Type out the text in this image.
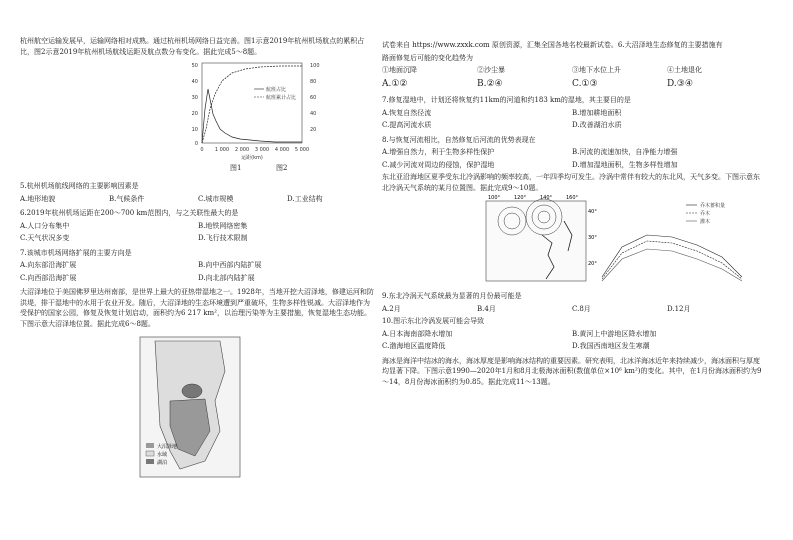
杭州航空运输发展早，运输网络相对成熟。通过杭州机场网络日益完善。图1示意2019年杭州机场航点的累积占比，图2示意2019年杭州机场航线运距及航点数分布变化。据此完成5～8题。

50
40
30
20
10
0
0 1 000 2 000 3 000 4 000 5 000
100
80
60
40
20
运距(km)
航班占比
航班累计占比
图1	图2

5.杭州机场航线网络的主要影响因素是

A.地形地貌	B.气候条件	C.城市规模	D.工业结构

6.2019年杭州机场运距在200～700 km范围内，与之关联性最大的是

A.人口分布集中	B.地铁网络密集
C.天气状况多变	D.飞行技术限制

7.该城市机场网络扩展的主要方向是

A.向东部沿海扩展	B.向中西部内陆扩展
C.向西部沿海扩展	D.向北部内陆扩展

大沼泽地位于美国佛罗里达州南部，是世界上最大的亚热带湿地之一。1928年，当地开挖大沼泽地，修建运河和防洪堤，排干湿地中的水用于农业开发。随后，大沼泽地的生态环境遭到严重破坏，生物多样性锐减。大沼泽地作为受保护的国家公园，修复及恢复计划启动，面积约为6 217 km²，以治理污染等为主要措施，恢复湿地生态功能。下图示意大沼泽地位置。据此完成6～8题。

大沼泽地
水域
湖泊

试卷来自 https://www.zxxk.com 原创资源，汇集全国各地名校最新试卷。6.大沼泽地生态修复的主要措施有

路面修复后可能的变化趋势为

①地面沉降	②沙尘暴	③地下水位上升	④土地退化
A.①②	B.②④	C.①③	D.③④

7.修复湿地中，计划还将恢复约11km的河道和约183 km的湿地，其主要目的是

A.恢复自然径流	B.增加耕地面积
C.提高河流水质	D.改善湖泊水质

8.与恢复河流相比，自然修复后河流的优势表现在

A.增强自然力，利于生物多样性保护	B.河流的流速加快，自净能力增强
C.减少河流对周边的侵蚀，保护湿地	D.增加湿地面积，生物多样性增加

东北亚沿海地区夏季受东北冷涡影响的频率较高，一年四季均可发生。冷涡中常伴有较大的东北风，天气多变。下图示意东北冷涡天气系统的某月位置图。据此完成9～10题。

100°	120°	140°	160°
40°
30°
20°
乔木蓄积量
乔木
灌木

9.东北冷涡天气系统最为显著的月份最可能是

A.2月	B.4月	C.8月	D.12月

10.图示东北冷涡发展可能会导致

A.日本海南部降水增加	B.黄河上中游地区降水增加
C.渤海地区温度降低	D.我国西南地区发生寒潮

海冰是海洋中结冰的海水，海冰厚度是影响海冰结构的重要因素。研究表明，北冰洋海冰近年来持续减少，海冰面积与厚度均显著下降。下图示意1990—2020年1月和8月北极海冰面积(数值单位×10⁶ km²)的变化。其中，在1月份海冰面积约为9～14，8月份海冰面积约为0.85。据此完成11～13题。
